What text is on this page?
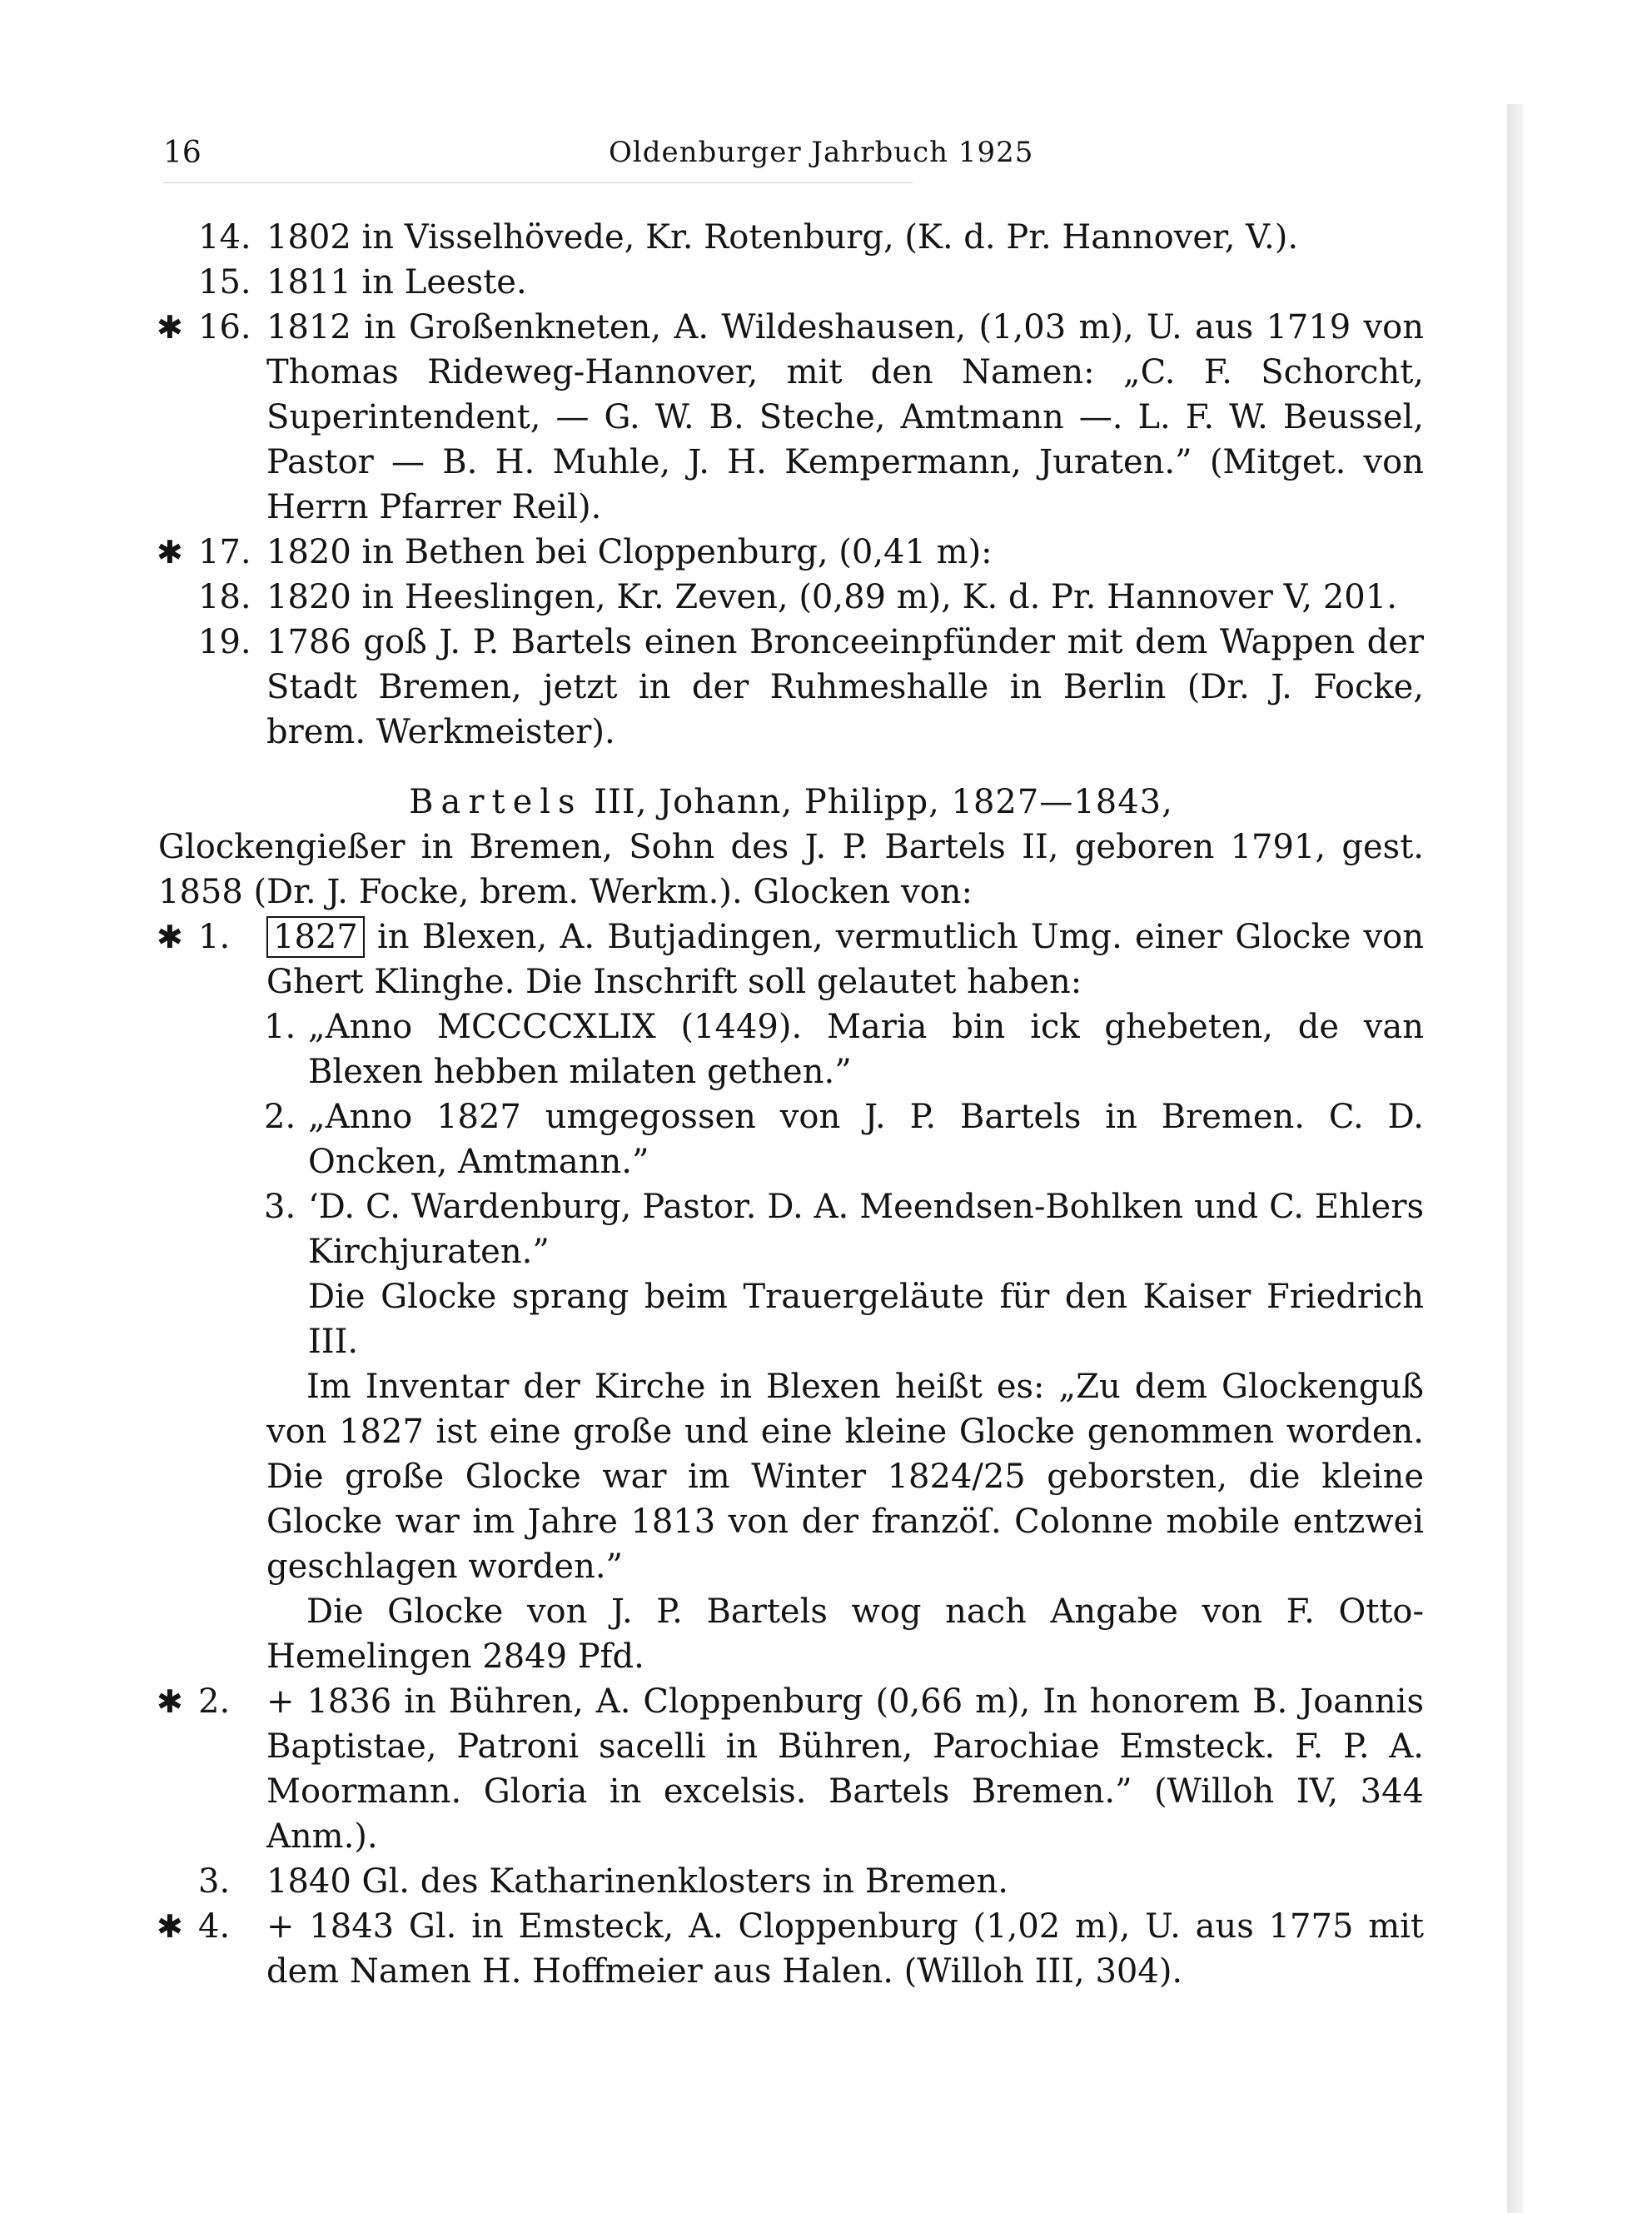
16	Oldenburger Jahrbuch 1925
14. 1802 in Visselhövede, Kr. Rotenburg, (K. d. Pr. Hannover, V.).
15. 1811 in Leeste.
✱ 16. 1812 in Großenkneten, A. Wildeshausen, (1,03 m), U. aus 1719 von Thomas Rideweg-Hannover, mit den Namen: „C. F. Schorcht, Superintendent, — G. W. B. Steche, Amtmann —. L. F. W. Beussel, Pastor — B. H. Muhle, J. H. Kempermann, Juraten.” (Mitget. von Herrn Pfarrer Reil).
✱ 17. 1820 in Bethen bei Cloppenburg, (0,41 m):
18. 1820 in Heeslingen, Kr. Zeven, (0,89 m), K. d. Pr. Hannover V, 201.
19. 1786 goß J. P. Bartels einen Bronceeinpfünder mit dem Wappen der Stadt Bremen, jetzt in der Ruhmeshalle in Berlin (Dr. J. Focke, brem. Werkmeister).
Bartels III, Johann, Philipp, 1827—1843,

Glockengießer in Bremen, Sohn des J. P. Bartels II, geboren 1791, gest. 1858 (Dr. J. Focke, brem. Werkm.). Glocken von:

✱ 1.	1827 in Blexen, A. Butjadingen, vermutlich Umg. einer Glocke von Ghert Klinghe. Die Inschrift soll gelautet haben:
1. „Anno MCCCCXLIX (1449). Maria bin ick ghebeten, de van Blexen hebben milaten gethen.”
2. „Anno 1827 umgegossen von J. P. Bartels in Bremen. C. D. Oncken, Amtmann.”
3. ‘D. C. Wardenburg, Pastor. D. A. Meendsen-Bohlken und C. Ehlers Kirchjuraten.”

Die Glocke sprang beim Trauergeläute für den Kaiser Friedrich III.

Im Inventar der Kirche in Blexen heißt es: „Zu dem Glockenguß von 1827 ist eine große und eine kleine Glocke genommen worden. Die große Glocke war im Winter 1824/25 geborsten, die kleine Glocke war im Jahre 1813 von der franzöſ. Colonne mobile entzwei geschlagen worden.”

Die Glocke von J. P. Bartels wog nach Angabe von F. Otto-Hemelingen 2849 Pfd.

✱ 2.	+ 1836 in Bühren, A. Cloppenburg (0,66 m), In honorem B. Joannis Baptistae, Patroni sacelli in Bühren, Parochiae Emsteck. F. P. A. Moormann. Gloria in excelsis. Bartels Bremen.” (Willoh IV, 344 Anm.).
3.	1840 Gl. des Katharinenklosters in Bremen.
✱ 4.	+ 1843 Gl. in Emsteck, A. Cloppenburg (1,02 m), U. aus 1775 mit dem Namen H. Hoffmeier aus Halen. (Willoh III, 304).
